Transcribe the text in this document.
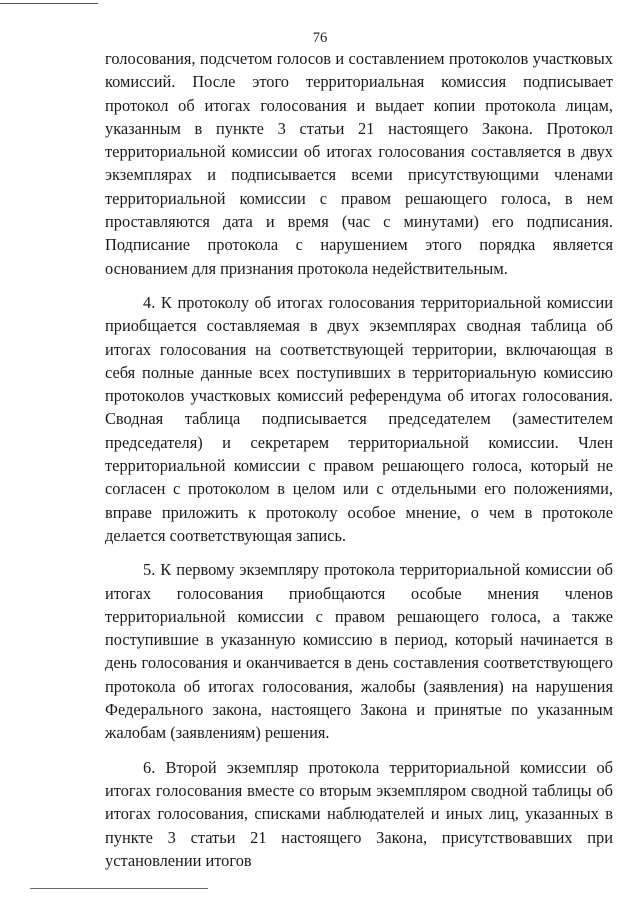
76

голосования, подсчетом голосов и составлением протоколов участковых комиссий. После этого территориальная комиссия подписывает протокол об итогах голосования и выдает копии протокола лицам, указанным в пункте 3 статьи 21 настоящего Закона. Протокол территориальной комиссии об итогах голосования составляется в двух экземплярах и подписывается всеми присутствующими членами территориальной комиссии с правом решающего голоса, в нем проставляются дата и время (час с минутами) его подписания. Подписание протокола с нарушением этого порядка является основанием для признания протокола недействительным.

4. К протоколу об итогах голосования территориальной комиссии приобщается составляемая в двух экземплярах сводная таблица об итогах голосования на соответствующей территории, включающая в себя полные данные всех поступивших в территориальную комиссию протоколов участковых комиссий референдума об итогах голосования. Сводная таблица подписывается председателем (заместителем председателя) и секретарем территориальной комиссии. Член территориальной комиссии с правом решающего голоса, который не согласен с протоколом в целом или с отдельными его положениями, вправе приложить к протоколу особое мнение, о чем в протоколе делается соответствующая запись.

5. К первому экземпляру протокола территориальной комиссии об итогах голосования приобщаются особые мнения членов территориальной комиссии с правом решающего голоса, а также поступившие в указанную комиссию в период, который начинается в день голосования и оканчивается в день составления соответствующего протокола об итогах голосования, жалобы (заявления) на нарушения Федерального закона, настоящего Закона и принятые по указанным жалобам (заявлениям) решения.

6. Второй экземпляр протокола территориальной комиссии об итогах голосования вместе со вторым экземпляром сводной таблицы об итогах голосования, списками наблюдателей и иных лиц, указанных в пункте 3 статьи 21 настоящего Закона, присутствовавших при установлении итогов
